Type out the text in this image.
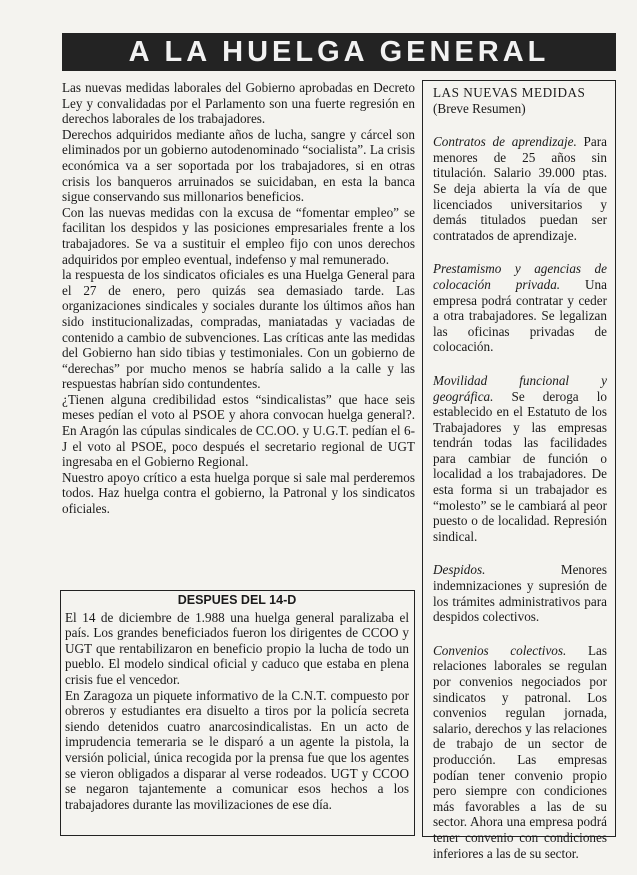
A LA HUELGA GENERAL

Las nuevas medidas laborales del Gobierno aprobadas en Decreto Ley y convalidadas por el Parlamento son una fuerte regresión en derechos laborales de los trabajadores.

Derechos adquiridos mediante años de lucha, sangre y cárcel son eliminados por un gobierno autodenominado “socialista”. La crisis económica va a ser soportada por los trabajadores, si en otras crisis los banqueros arruinados se suicidaban, en esta la banca sigue conservando sus millonarios beneficios.

Con las nuevas medidas con la excusa de “fomentar empleo” se facilitan los despidos y las posiciones empresariales frente a los trabajadores. Se va a sustituir el empleo fijo con unos derechos adquiridos por empleo eventual, indefenso y mal remunerado.

la respuesta de los sindicatos oficiales es una Huelga General para el 27 de enero, pero quizás sea demasiado tarde. Las organizaciones sindicales y sociales durante los últimos años han sido institucionalizadas, compradas, maniatadas y vaciadas de contenido a cambio de subvenciones. Las críticas ante las medidas del Gobierno han sido tibias y testimoniales. Con un gobierno de “derechas” por mucho menos se habría salido a la calle y las respuestas habrían sido contundentes.

¿Tienen alguna credibilidad estos “sindicalistas” que hace seis meses pedían el voto al PSOE y ahora convocan huelga general?. En Aragón las cúpulas sindicales de CC.OO. y U.G.T. pedían el 6-J el voto al PSOE, poco después el secretario regional de UGT ingresaba en el Gobierno Regional.

Nuestro apoyo crítico a esta huelga porque si sale mal perderemos todos. Haz huelga contra el gobierno, la Patronal y los sindicatos oficiales.

LAS NUEVAS MEDIDAS
(Breve Resumen)

Contratos de aprendizaje. Para menores de 25 años sin titulación. Salario 39.000 ptas. Se deja abierta la vía de que licenciados universitarios y demás titulados puedan ser contratados de aprendizaje.

Prestamismo y agencias de colocación privada. Una empresa podrá contratar y ceder a otra trabajadores. Se legalizan las oficinas privadas de colocación.

Movilidad funcional y geográfica. Se deroga lo establecido en el Estatuto de los Trabajadores y las empresas tendrán todas las facilidades para cambiar de función o localidad a los trabajadores. De esta forma si un trabajador es “molesto” se le cambiará al peor puesto o de localidad. Represión sindical.

Despidos. Menores indemnizaciones y supresión de los trámites administrativos para despidos colectivos.

Convenios colectivos. Las relaciones laborales se regulan por convenios negociados por sindicatos y patronal. Los convenios regulan jornada, salario, derechos y las relaciones de trabajo de un sector de producción. Las empresas podían tener convenio propio pero siempre con condiciones más favorables a las de su sector. Ahora una empresa podrá tener convenio con condiciones inferiores a las de su sector.

DESPUES DEL 14-D

El 14 de diciembre de 1.988 una huelga general paralizaba el país. Los grandes beneficiados fueron los dirigentes de CCOO y UGT que rentabilizaron en beneficio propio la lucha de todo un pueblo. El modelo sindical oficial y caduco que estaba en plena crisis fue el vencedor.

En Zaragoza un piquete informativo de la C.N.T. compuesto por obreros y estudiantes era disuelto a tiros por la policía secreta siendo detenidos cuatro anarcosindicalistas. En un acto de imprudencia temeraria se le disparó a un agente la pistola, la versión policial, única recogida por la prensa fue que los agentes se vieron obligados a disparar al verse rodeados. UGT y CCOO se negaron tajantemente a comunicar esos hechos a los trabajadores durante las movilizaciones de ese día.
